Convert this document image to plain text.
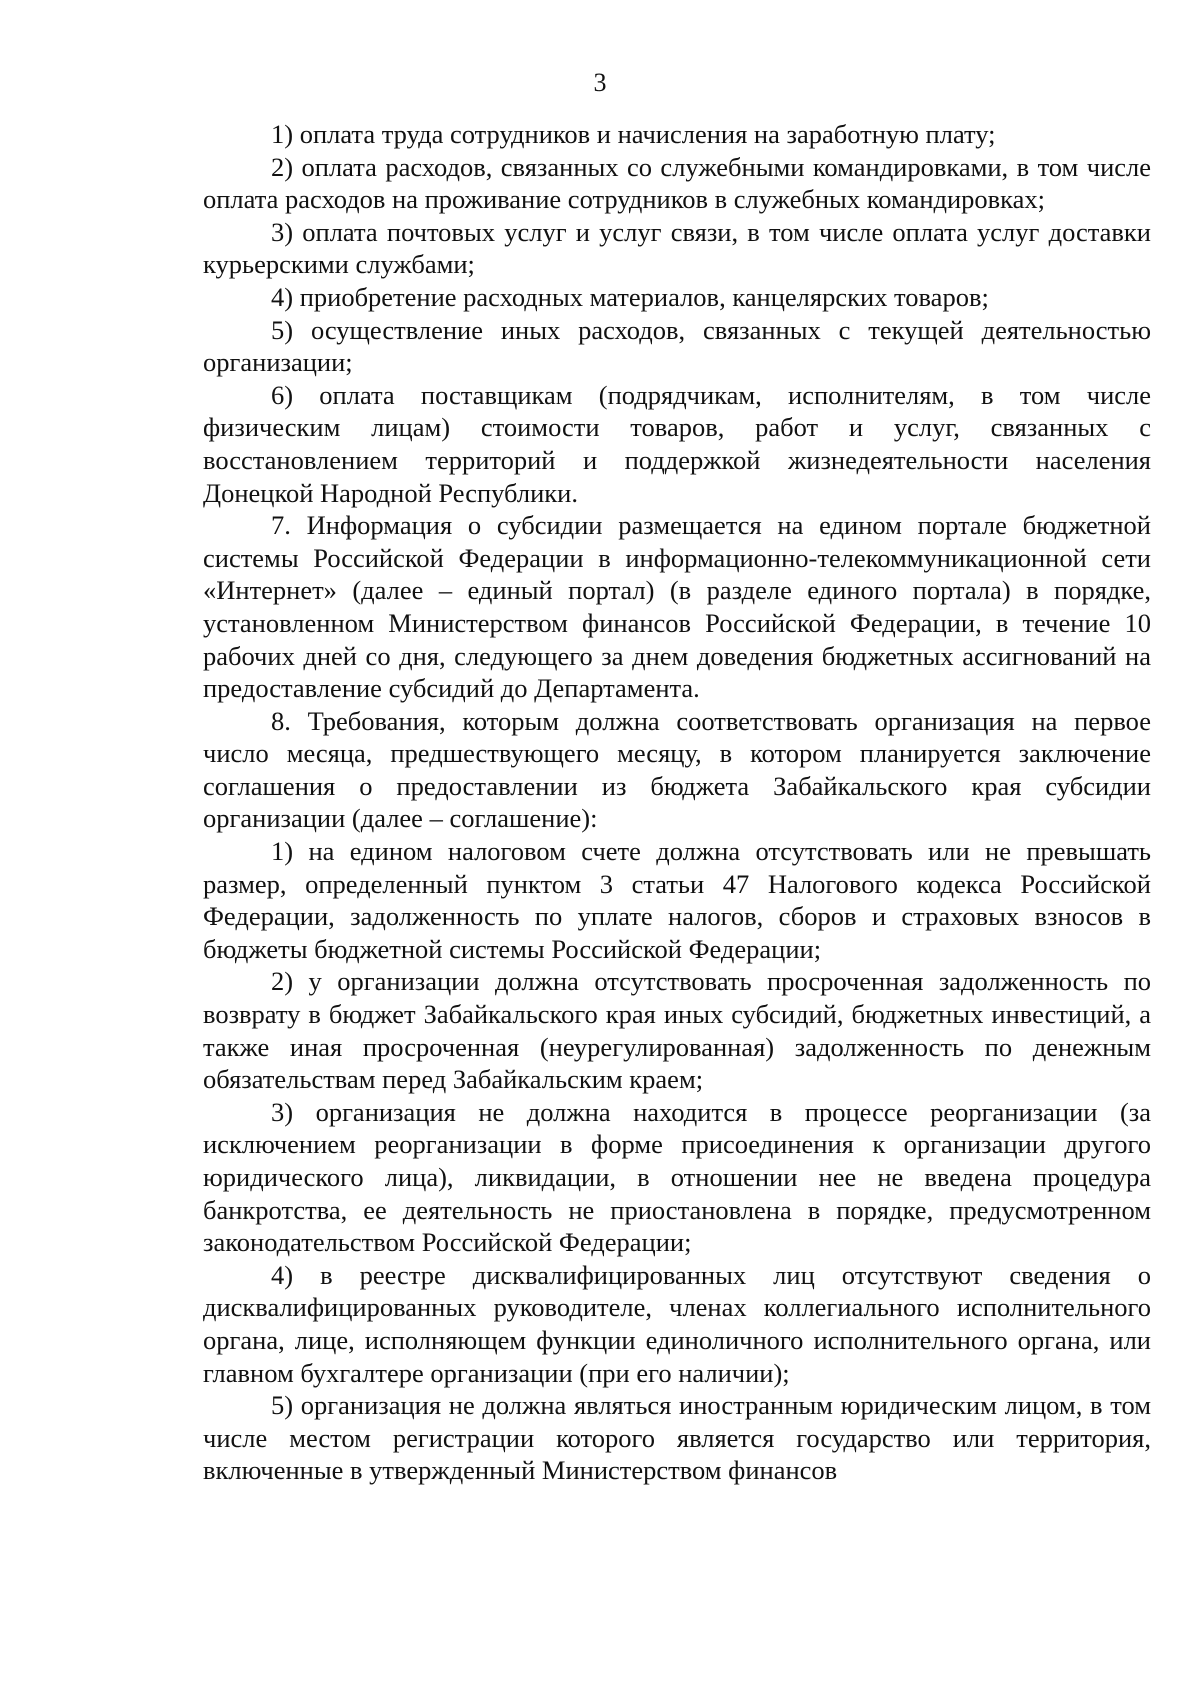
3

1) оплата труда сотрудников и начисления на заработную плату;

2) оплата расходов, связанных со служебными командировками, в том числе оплата расходов на проживание сотрудников в служебных командировках;

3) оплата почтовых услуг и услуг связи, в том числе оплата услуг доставки курьерскими службами;

4) приобретение расходных материалов, канцелярских товаров;

5) осуществление иных расходов, связанных с текущей деятельностью организации;

6) оплата поставщикам (подрядчикам, исполнителям, в том числе физическим лицам) стоимости товаров, работ и услуг, связанных с восстановлением территорий и поддержкой жизнедеятельности населения Донецкой Народной Республики.

7. Информация о субсидии размещается на едином портале бюджетной системы Российской Федерации в информационно-телекоммуникационной сети «Интернет» (далее – единый портал) (в разделе единого портала) в порядке, установленном Министерством финансов Российской Федерации, в течение 10 рабочих дней со дня, следующего за днем доведения бюджетных ассигнований на предоставление субсидий до Департамента.

8. Требования, которым должна соответствовать организация на первое число месяца, предшествующего месяцу, в котором планируется заключение соглашения о предоставлении из бюджета Забайкальского края субсидии организации (далее – соглашение):

1) на едином налоговом счете должна отсутствовать или не превышать размер, определенный пунктом 3 статьи 47 Налогового кодекса Российской Федерации, задолженность по уплате налогов, сборов и страховых взносов в бюджеты бюджетной системы Российской Федерации;

2) у организации должна отсутствовать просроченная задолженность по возврату в бюджет Забайкальского края иных субсидий, бюджетных инвестиций, а также иная просроченная (неурегулированная) задолженность по денежным обязательствам перед Забайкальским краем;

3) организация не должна находится в процессе реорганизации (за исключением реорганизации в форме присоединения к организации другого юридического лица), ликвидации, в отношении нее не введена процедура банкротства, ее деятельность не приостановлена в порядке, предусмотренном законодательством Российской Федерации;

4) в реестре дисквалифицированных лиц отсутствуют сведения о дисквалифицированных руководителе, членах коллегиального исполнительного органа, лице, исполняющем функции единоличного исполнительного органа, или главном бухгалтере организации (при его наличии);

5) организация не должна являться иностранным юридическим лицом, в том числе местом регистрации которого является государство или территория, включенные в утвержденный Министерством финансов
